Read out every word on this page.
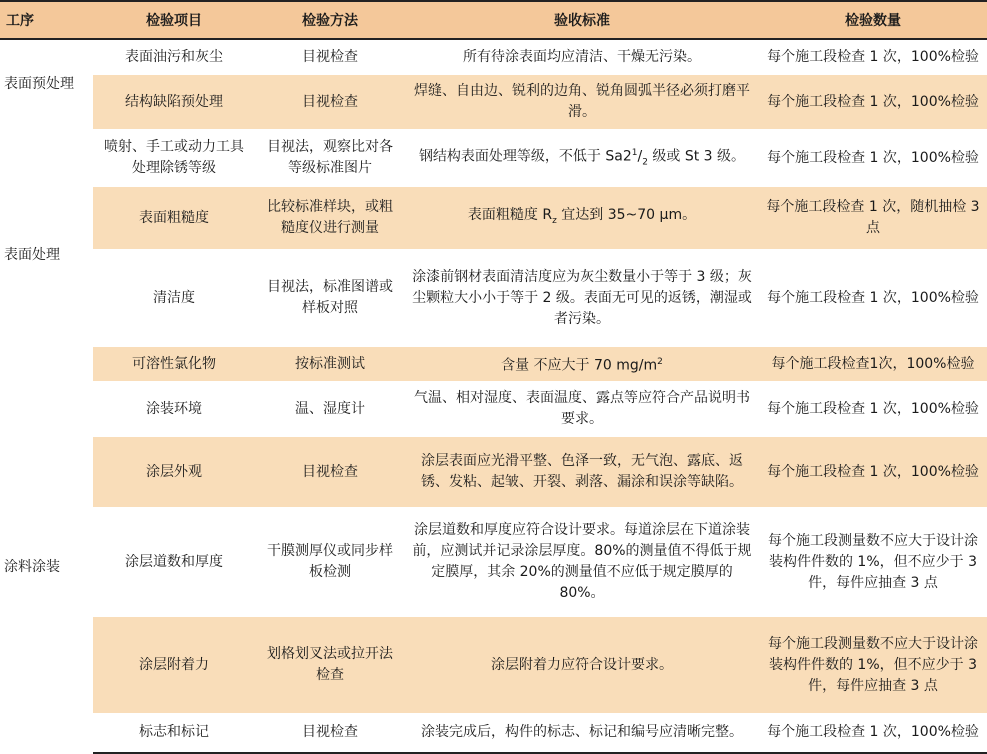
工序	检验项目	检验方法	验收标准	检验数量
表面预处理	表面油污和灰尘	目视检查	所有待涂表面均应清洁、干燥无污染。	每个施工段检查 1 次，100%检验
	结构缺陷预处理	目视检查	焊缝、自由边、锐利的边角、锐角圆弧半径必须打磨平滑。	每个施工段检查 1 次，100%检验
表面处理	喷射、手工或动力工具处理除锈等级	目视法，观察比对各等级标准图片	钢结构表面处理等级，不低于 $Sa2^1/_2$ 级或 St 3 级。	每个施工段检查 1 次，100%检验
	表面粗糙度	比较标准样块，或粗糙度仪进行测量	表面粗糙度 $R_z$ 宜达到 35~70 μm。	每个施工段检查 1 次，随机抽检 3 点
	清洁度	目视法，标准图谱或样板对照	涂漆前钢材表面清洁度应为灰尘数量小于等于 3 级；灰尘颗粒大小小于等于 2 级。表面无可见的返锈，潮湿或者污染。	每个施工段检查 1 次，100%检验
	可溶性氯化物	按标准测试	含量 不应大于 70 $mg/m^2$	每个施工段检查1次，100%检验
涂料涂装	涂装环境	温、湿度计	气温、相对湿度、表面温度、露点等应符合产品说明书要求。	每个施工段检查 1 次，100%检验
	涂层外观	目视检查	涂层表面应光滑平整、色泽一致，无气泡、露底、返锈、发粘、起皱、开裂、剥落、漏涂和误涂等缺陷。	每个施工段检查 1 次，100%检验
	涂层道数和厚度	干膜测厚仪或同步样板检测	涂层道数和厚度应符合设计要求。每道涂层在下道涂装前，应测试并记录涂层厚度。80%的测量值不得低于规定膜厚，其余 20%的测量值不应低于规定膜厚的 80%。	每个施工段测量数不应大于设计涂装构件件数的 1%，但不应少于 3 件，每件应抽查 3 点
	涂层附着力	划格划叉法或拉开法检查	涂层附着力应符合设计要求。	每个施工段测量数不应大于设计涂装构件件数的 1%，但不应少于 3 件，每件应抽查 3 点
	标志和标记	目视检查	涂装完成后，构件的标志、标记和编号应清晰完整。	每个施工段检查 1 次，100%检验
